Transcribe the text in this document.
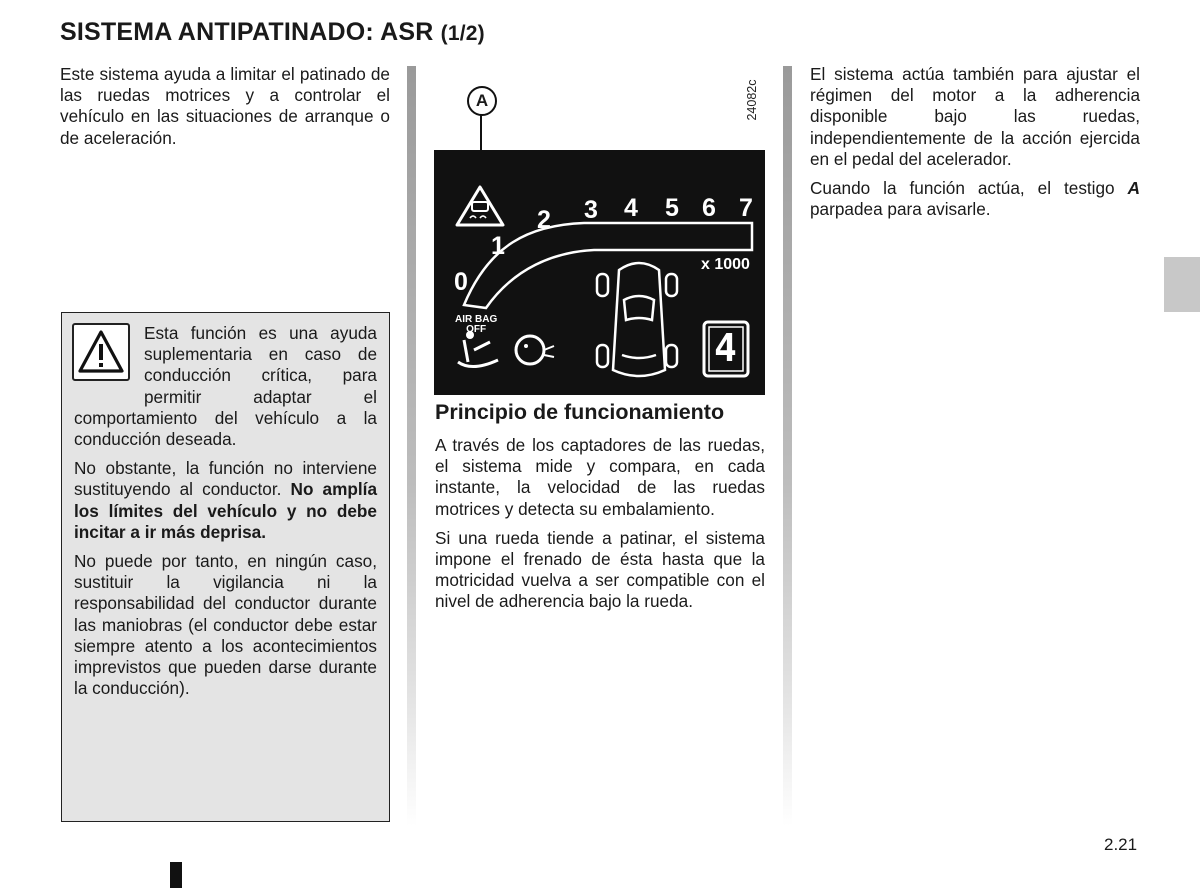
SISTEMA ANTIPATINADO: ASR (1/2)

Este sistema ayuda a limitar el patinado de las ruedas motrices y a controlar el vehículo en las situaciones de arranque o de aceleración.

Esta función es una ayuda suplementaria en caso de conducción crítica, para permitir adaptar el comportamiento del vehículo a la conducción deseada.

No obstante, la función no interviene sustituyendo al conductor. No amplía los límites del vehículo y no debe incitar a ir más deprisa.

No puede por tanto, en ningún caso, sustituir la vigilancia ni la responsabilidad del conductor durante las maniobras (el conductor debe estar siempre atento a los acontecimientos imprevistos que pueden darse durante la conducción).

24082c
A
0
1
2 3 4 5 6 7
x 1000
AIR BAG
OFF	4
Principio de funcionamiento

A través de los captadores de las ruedas, el sistema mide y compara, en cada instante, la velocidad de las ruedas motrices y detecta su embalamiento.

Si una rueda tiende a patinar, el sistema impone el frenado de ésta hasta que la motricidad vuelva a ser compatible con el nivel de adherencia bajo la rueda.

El sistema actúa también para ajustar el régimen del motor a la adherencia disponible bajo las ruedas, independientemente de la acción ejercida en el pedal del acelerador.

Cuando la función actúa, el testigo A parpadea para avisarle.

2.21
